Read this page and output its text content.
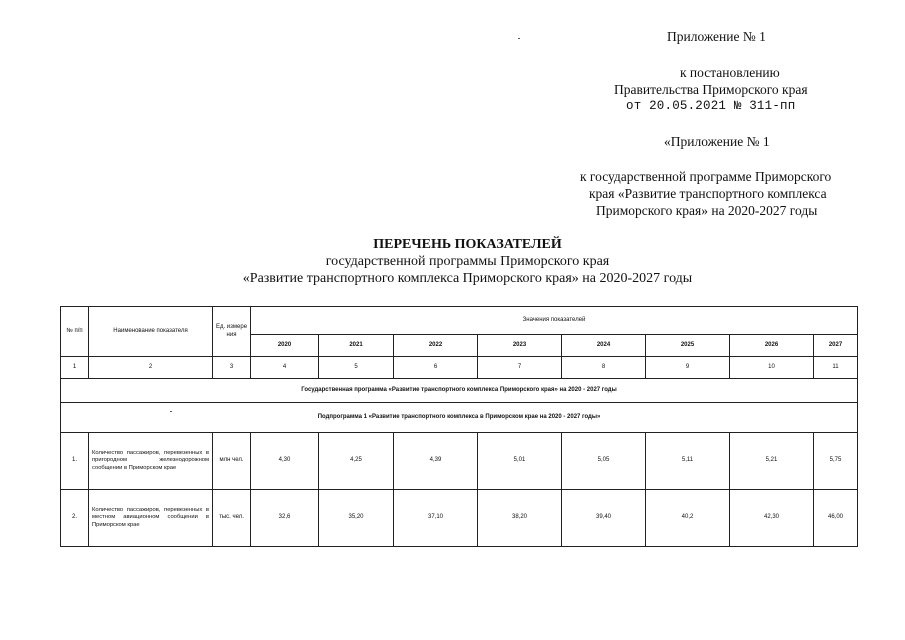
Приложение № 1
к постановлению
Правительства Приморского края
от 20.05.2021 № 311-пп
«Приложение № 1
к государственной программе Приморского
края «Развитие транспортного комплекса
Приморского края» на 2020-2027 годы
ПЕРЕЧЕНЬ ПОКАЗАТЕЛЕЙ
государственной программы Приморского края
«Развитие транспортного комплекса Приморского края» на 2020-2027 годы
№ п/п	Наименование показателя	Ед. измере ния	Значения показателей							
			2020	2021	2022	2023	2024	2025	2026	2027
1	2	3	4	5	6	7	8	9	10	11
Государственная программа «Развитие транспортного комплекса Приморского края» на 2020 - 2027 годы										
Подпрограмма 1 «Развитие транспортного комплекса в Приморском крае на 2020 - 2027 годы»										
1.	Количество пассажиров, перевезенных в пригородном железнодорожном сообщении в Приморском крае	млн чел.	4,30	4,25	4,39	5,01	5,05	5,11	5,21	5,75
2.	Количество пассажиров, перевезенных в местном авиационном сообщении в Приморском крае	тыс. чел.	32,6	35,20	37,10	38,20	39,40	40,2	42,30	46,00
